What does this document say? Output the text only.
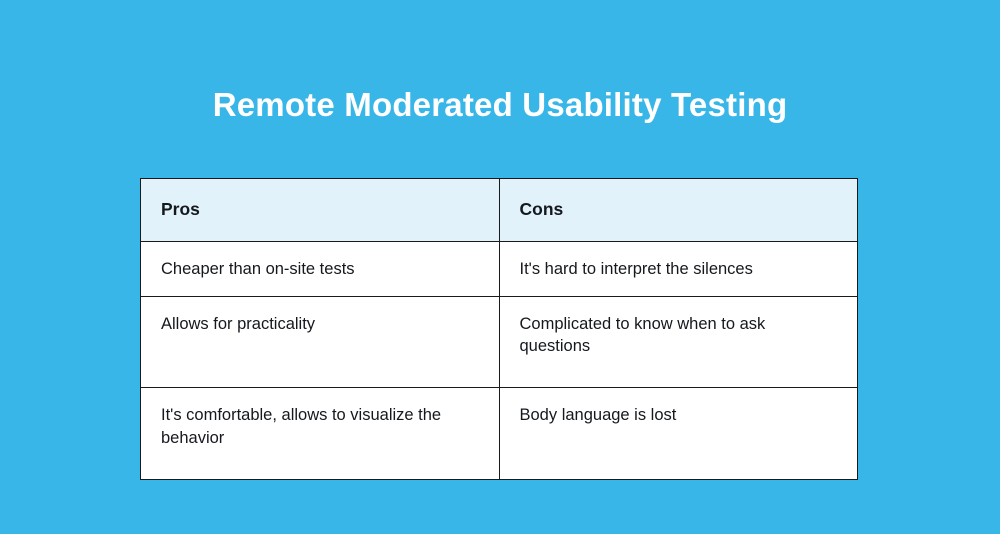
Remote Moderated Usability Testing
Pros	Cons
Cheaper than on-site tests	It's hard to interpret the silences
Allows for practicality	Complicated to know when to ask questions
It's comfortable, allows to visualize the behavior	Body language is lost
